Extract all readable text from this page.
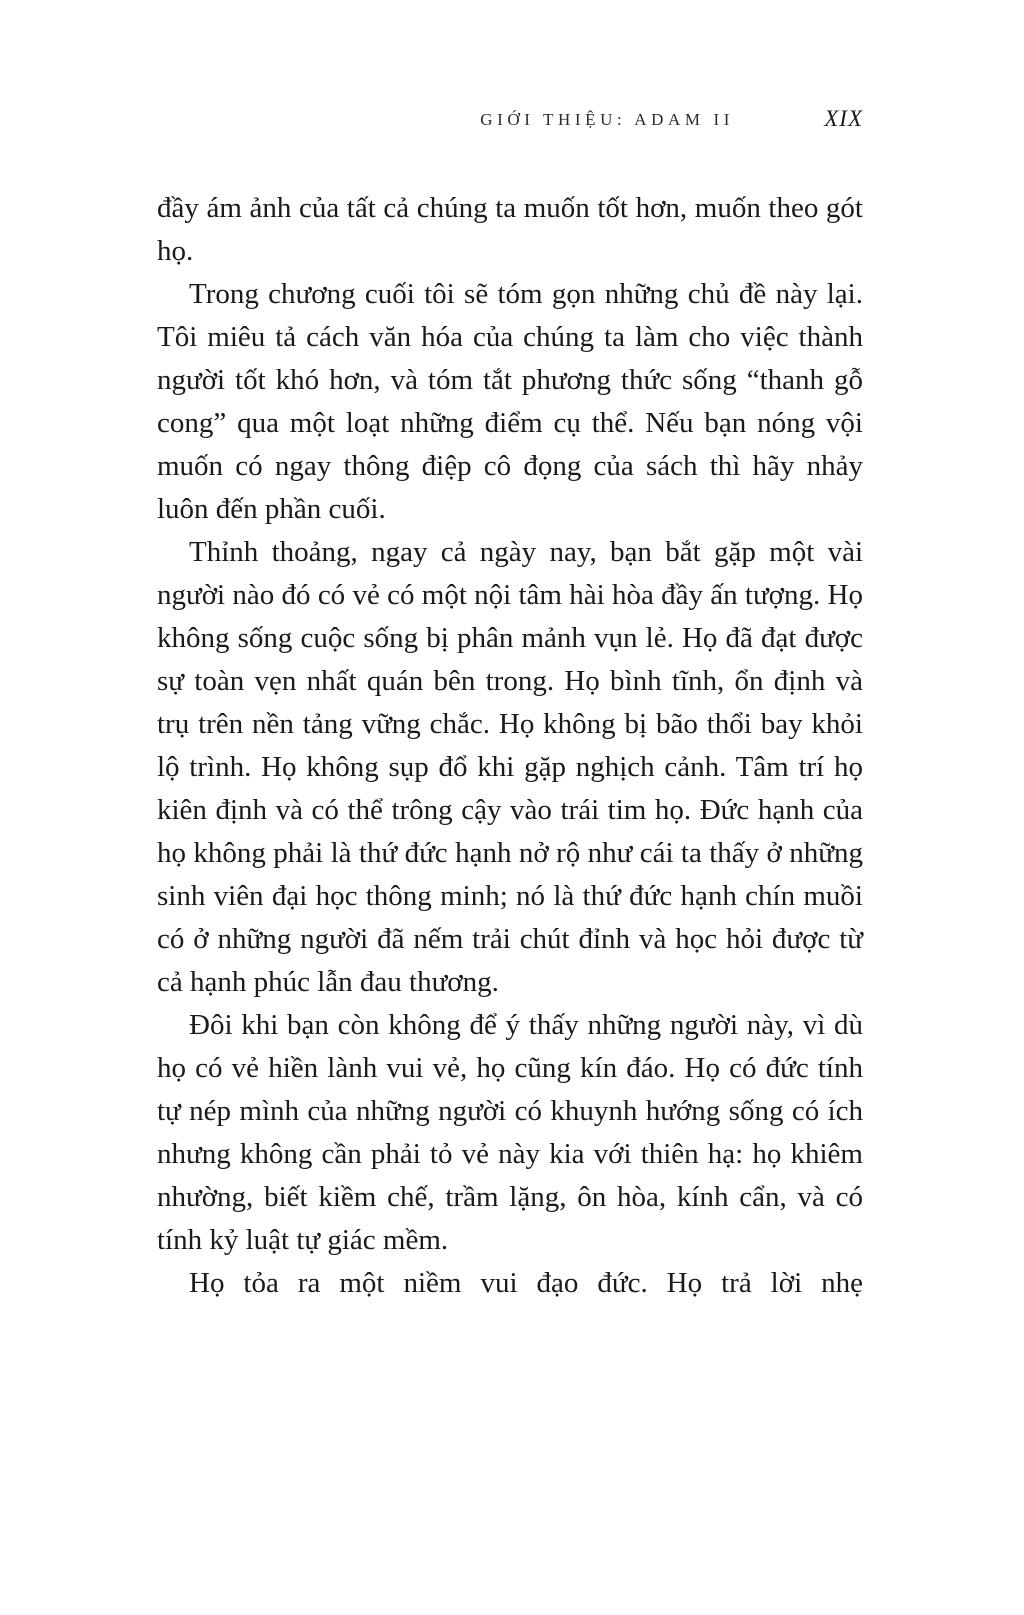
GIỚI THIỆU: ADAM II	XIX

đầy ám ảnh của tất cả chúng ta muốn tốt hơn, muốn theo gót họ.

Trong chương cuối tôi sẽ tóm gọn những chủ đề này lại. Tôi miêu tả cách văn hóa của chúng ta làm cho việc thành người tốt khó hơn, và tóm tắt phương thức sống “thanh gỗ cong” qua một loạt những điểm cụ thể. Nếu bạn nóng vội muốn có ngay thông điệp cô đọng của sách thì hãy nhảy luôn đến phần cuối.

Thỉnh thoảng, ngay cả ngày nay, bạn bắt gặp một vài người nào đó có vẻ có một nội tâm hài hòa đầy ấn tượng. Họ không sống cuộc sống bị phân mảnh vụn lẻ. Họ đã đạt được sự toàn vẹn nhất quán bên trong. Họ bình tĩnh, ổn định và trụ trên nền tảng vững chắc. Họ không bị bão thổi bay khỏi lộ trình. Họ không sụp đổ khi gặp nghịch cảnh. Tâm trí họ kiên định và có thể trông cậy vào trái tim họ. Đức hạnh của họ không phải là thứ đức hạnh nở rộ như cái ta thấy ở những sinh viên đại học thông minh; nó là thứ đức hạnh chín muồi có ở những người đã nếm trải chút đỉnh và học hỏi được từ cả hạnh phúc lẫn đau thương.

Đôi khi bạn còn không để ý thấy những người này, vì dù họ có vẻ hiền lành vui vẻ, họ cũng kín đáo. Họ có đức tính tự nép mình của những người có khuynh hướng sống có ích nhưng không cần phải tỏ vẻ này kia với thiên hạ: họ khiêm nhường, biết kiềm chế, trầm lặng, ôn hòa, kính cẩn, và có tính kỷ luật tự giác mềm.

Họ tỏa ra một niềm vui đạo đức. Họ trả lời nhẹ
